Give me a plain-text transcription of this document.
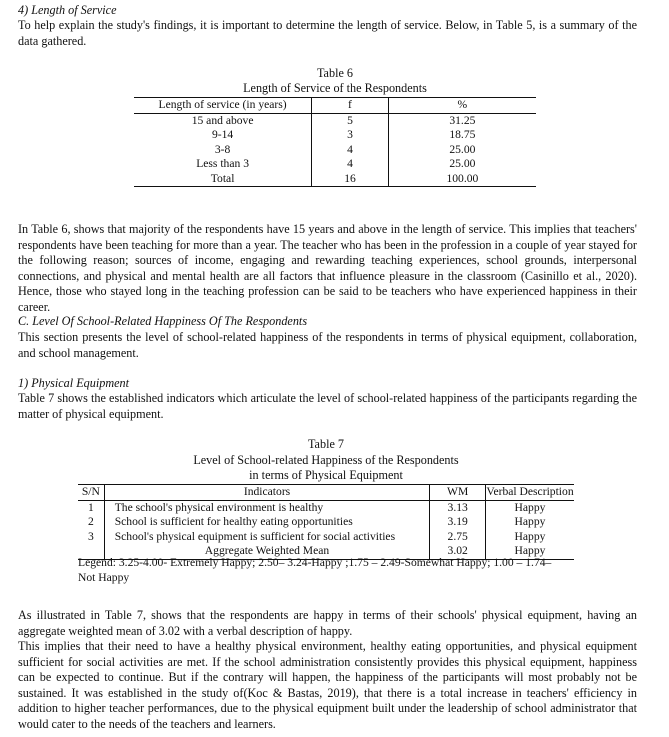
4) Length of Service

To help explain the study's findings, it is important to determine the length of service. Below, in Table 5, is a summary of the data gathered.

Table 6
Length of Service of the Respondents
Length of service (in years)	f	%
15 and above	5	31.25
9-14	3	18.75
3-8	4	25.00
Less than 3	4	25.00
Total	16	100.00

In Table 6, shows that majority of the respondents have 15 years and above in the length of service. This implies that teachers' respondents have been teaching for more than a year. The teacher who has been in the profession in a couple of year stayed for the following reason; sources of income, engaging and rewarding teaching experiences, school grounds, interpersonal connections, and physical and mental health are all factors that influence pleasure in the classroom (Casinillo et al., 2020). Hence, those who stayed long in the teaching profession can be said to be teachers who have experienced happiness in their career.

C. Level Of School-Related Happiness Of The Respondents

This section presents the level of school-related happiness of the respondents in terms of physical equipment, collaboration, and school management.

1) Physical Equipment

Table 7 shows the established indicators which articulate the level of school-related happiness of the participants regarding the matter of physical equipment.

Table 7
Level of School-related Happiness of the Respondents
in terms of Physical Equipment
S/N	Indicators	WM	Verbal Description
1	The school's physical environment is healthy	3.13	Happy
2	School is sufficient for healthy eating opportunities	3.19	Happy
3	School's physical equipment is sufficient for social activities	2.75	Happy
	Aggregate Weighted Mean	3.02	Happy
Legend: 3.25-4.00- Extremely Happy; 2.50– 3.24-Happy ;1.75 – 2.49-Somewhat Happy; 1.00 – 1.74–
Not Happy

As illustrated in Table 7, shows that the respondents are happy in terms of their schools' physical equipment, having an aggregate weighted mean of 3.02 with a verbal description of happy.

This implies that their need to have a healthy physical environment, healthy eating opportunities, and physical equipment sufficient for social activities are met. If the school administration consistently provides this physical equipment, happiness can be expected to continue. But if the contrary will happen, the happiness of the participants will most probably not be sustained. It was established in the study of(Koc & Bastas, 2019), that there is a total increase in teachers' efficiency in addition to higher teacher performances, due to the physical equipment built under the leadership of school administrator that would cater to the needs of the teachers and learners.
